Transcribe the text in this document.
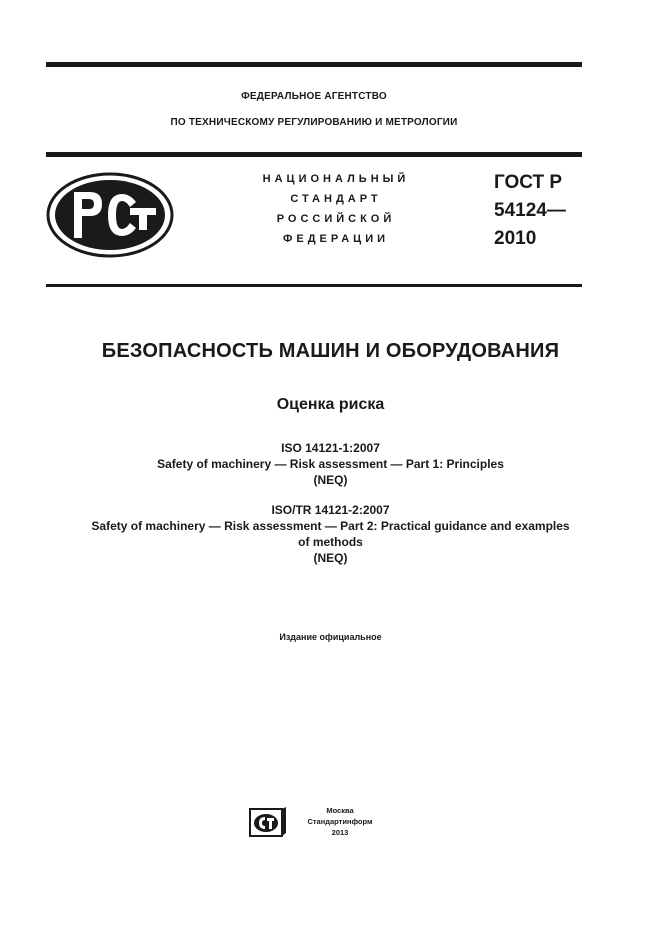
ФЕДЕРАЛЬНОЕ АГЕНТСТВО
ПО ТЕХНИЧЕСКОМУ РЕГУЛИРОВАНИЮ И МЕТРОЛОГИИ
НАЦИОНАЛЬНЫЙ
СТАНДАРТ
РОССИЙСКОЙ
ФЕДЕРАЦИИ
ГОСТ Р
54124—
2010
БЕЗОПАСНОСТЬ МАШИН И ОБОРУДОВАНИЯ
Оценка риска
ISO 14121-1:2007
Safety of machinery — Risk assessment — Part 1: Principles
(NEQ)
ISO/TR 14121-2:2007
Safety of machinery — Risk assessment — Part 2: Practical guidance and examples
of methods
(NEQ)
Издание официальное
Москва
Стандартинформ
2013
